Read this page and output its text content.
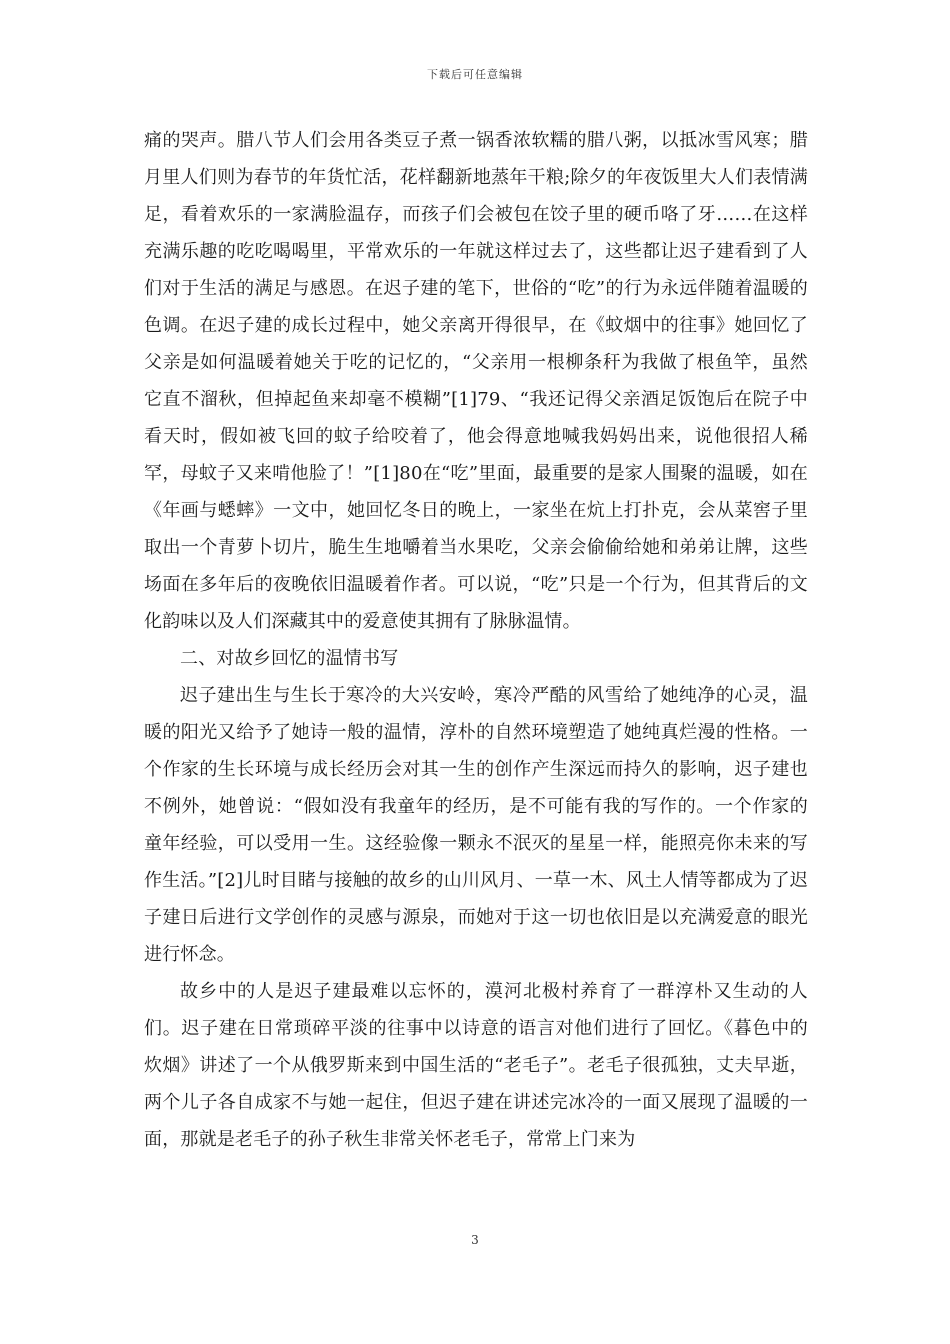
下载后可任意编辑

痛的哭声。腊八节人们会用各类豆子煮一锅香浓软糯的腊八粥，以抵冰雪风寒；腊月里人们则为春节的年货忙活，花样翻新地蒸年干粮;除夕的年夜饭里大人们表情满足，看着欢乐的一家满脸温存，而孩子们会被包在饺子里的硬币咯了牙……在这样充满乐趣的吃吃喝喝里，平常欢乐的一年就这样过去了，这些都让迟子建看到了人们对于生活的满足与感恩。在迟子建的笔下，世俗的“吃”的行为永远伴随着温暖的色调。在迟子建的成长过程中，她父亲离开得很早，在《蚊烟中的往事》她回忆了父亲是如何温暖着她关于吃的记忆的，“父亲用一根柳条秆为我做了根鱼竿，虽然它直不溜秋，但掉起鱼来却毫不模糊”[1]79、“我还记得父亲酒足饭饱后在院子中看天时，假如被飞回的蚊子给咬着了，他会得意地喊我妈妈出来，说他很招人稀罕，母蚊子又来啃他脸了！”[1]80在“吃”里面，最重要的是家人围聚的温暖，如在《年画与蟋蟀》一文中，她回忆冬日的晚上，一家坐在炕上打扑克，会从菜窖子里取出一个青萝卜切片，脆生生地嚼着当水果吃，父亲会偷偷给她和弟弟让牌，这些场面在多年后的夜晚依旧温暖着作者。可以说，“吃”只是一个行为，但其背后的文化韵味以及人们深藏其中的爱意使其拥有了脉脉温情。

二、对故乡回忆的温情书写

迟子建出生与生长于寒冷的大兴安岭，寒冷严酷的风雪给了她纯净的心灵，温暖的阳光又给予了她诗一般的温情，淳朴的自然环境塑造了她纯真烂漫的性格。一个作家的生长环境与成长经历会对其一生的创作产生深远而持久的影响，迟子建也不例外，她曾说：“假如没有我童年的经历，是不可能有我的写作的。一个作家的童年经验，可以受用一生。这经验像一颗永不泯灭的星星一样，能照亮你未来的写作生活。”[2]儿时目睹与接触的故乡的山川风月、一草一木、风土人情等都成为了迟子建日后进行文学创作的灵感与源泉，而她对于这一切也依旧是以充满爱意的眼光进行怀念。

故乡中的人是迟子建最难以忘怀的，漠河北极村养育了一群淳朴又生动的人们。迟子建在日常琐碎平淡的往事中以诗意的语言对他们进行了回忆。《暮色中的炊烟》讲述了一个从俄罗斯来到中国生活的“老毛子”。老毛子很孤独，丈夫早逝，两个儿子各自成家不与她一起住，但迟子建在讲述完冰冷的一面又展现了温暖的一面，那就是老毛子的孙子秋生非常关怀老毛子，常常上门来为

3
